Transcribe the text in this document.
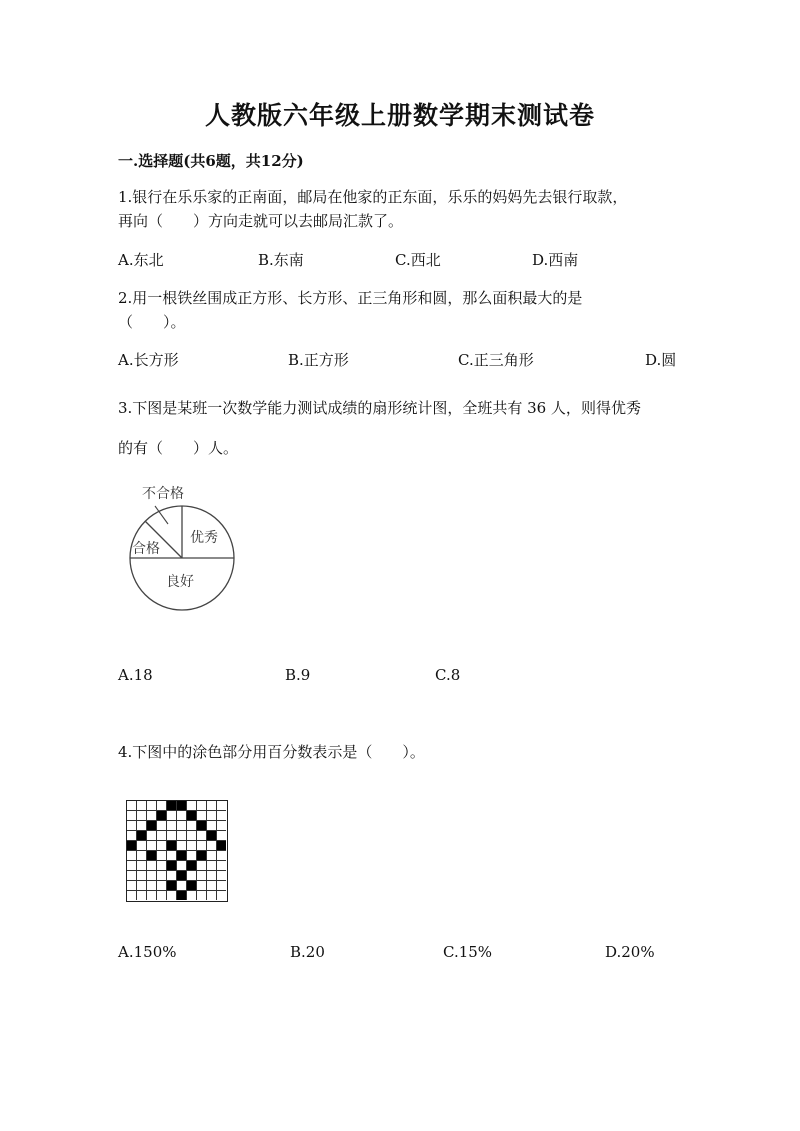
人教版六年级上册数学期末测试卷
一.选择题(共6题，共12分)
1.银行在乐乐家的正南面，邮局在他家的正东面，乐乐的妈妈先去银行取款，
再向（　　）方向走就可以去邮局汇款了。
A.东北	B.东南	C.西北	D.西南
2.用一根铁丝围成正方形、长方形、正三角形和圆，那么面积最大的是
（　　）。
A.长方形	B.正方形	C.正三角形	D.圆
3.下图是某班一次数学能力测试成绩的扇形统计图，全班共有 36 人，则得优秀
的有（　　）人。
不合格
合格
优秀
良好
A.18	B.9	C.8
4.下图中的涂色部分用百分数表示是（　　）。
A.150%	B.20	C.15%	D.20%
